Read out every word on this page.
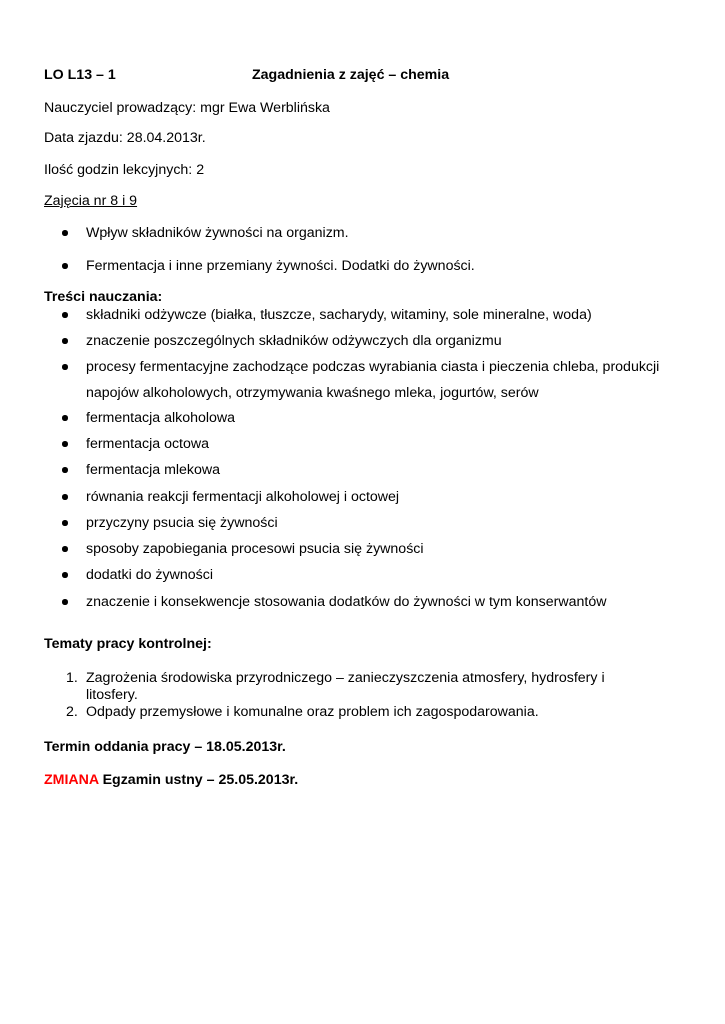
LO L13 – 1	Zagadnienia z zajęć – chemia
Nauczyciel prowadzący: mgr Ewa Werblińska
Data zjazdu: 28.04.2013r.
Ilość godzin lekcyjnych: 2
Zajęcia nr 8 i 9
Wpływ składników żywności na organizm.
Fermentacja i inne przemiany żywności. Dodatki do żywności.
Treści nauczania:
składniki odżywcze (białka, tłuszcze, sacharydy, witaminy, sole mineralne, woda)
znaczenie poszczególnych składników odżywczych dla organizmu
procesy fermentacyjne zachodzące podczas wyrabiania ciasta i pieczenia chleba, produkcji napojów alkoholowych, otrzymywania kwaśnego mleka, jogurtów, serów
fermentacja alkoholowa
fermentacja octowa
fermentacja mlekowa
równania reakcji fermentacji alkoholowej i octowej
przyczyny psucia się żywności
sposoby zapobiegania procesowi psucia się żywności
dodatki do żywności
znaczenie i konsekwencje stosowania dodatków do żywności w tym konserwantów
Tematy pracy kontrolnej:
1. Zagrożenia środowiska przyrodniczego – zanieczyszczenia atmosfery, hydrosfery i litosfery.
2. Odpady przemysłowe i komunalne oraz problem ich zagospodarowania.
Termin oddania pracy – 18.05.2013r.
ZMIANA Egzamin ustny – 25.05.2013r.
